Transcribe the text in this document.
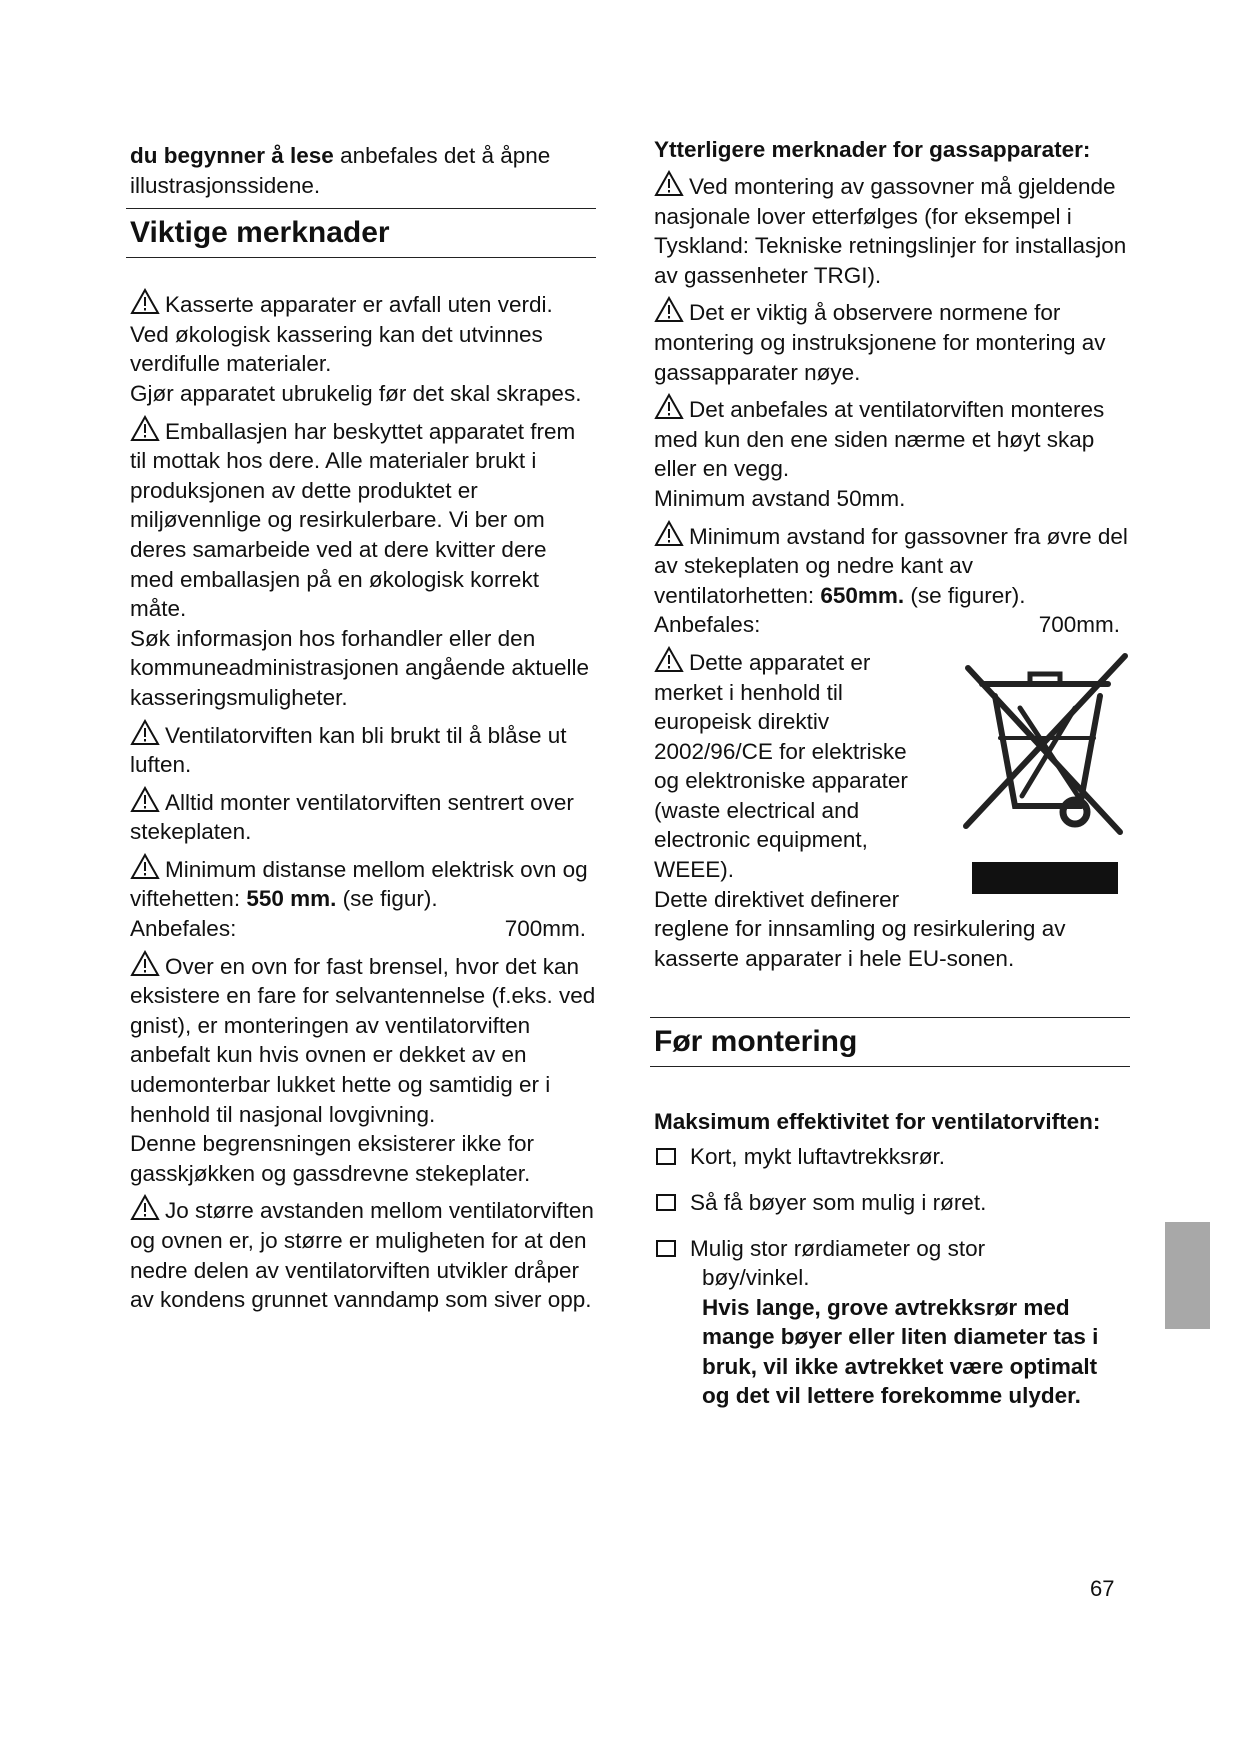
du begynner å lese anbefales det å åpne illustrasjonssidene.

Viktige merknader

Kasserte apparater er avfall uten verdi. Ved økologisk kassering kan det utvinnes verdifulle materialer.

Gjør apparatet ubrukelig før det skal skrapes.

Emballasjen har beskyttet apparatet frem til mottak hos dere. Alle materialer brukt i produksjonen av dette produktet er miljøvennlige og resirkulerbare. Vi ber om deres samarbeide ved at dere kvitter dere med emballasjen på en økologisk korrekt måte.

Søk informasjon hos forhandler eller den kommuneadministrasjonen angående aktuelle kasseringsmuligheter.

Ventilatorviften kan bli brukt til å blåse ut luften.

Alltid monter ventilatorviften sentrert over stekeplaten.

Minimum distanse mellom elektrisk ovn og viftehetten: 550 mm. (se figur).

Anbefales:	700mm.

Over en ovn for fast brensel, hvor det kan eksistere en fare for selvantennelse (f.eks. ved gnist), er monteringen av ventilatorviften anbefalt kun hvis ovnen er dekket av en udemonterbar lukket hette og samtidig er i henhold til nasjonal lovgivning.

Denne begrensningen eksisterer ikke for gasskjøkken og gassdrevne stekeplater.

Jo større avstanden mellom ventilatorviften og ovnen er, jo større er muligheten for at den nedre delen av ventilatorviften utvikler dråper av kondens grunnet vanndamp som siver opp.

Ytterligere merknader for gassapparater:

Ved montering av gassovner må gjeldende nasjonale lover etterfølges (for eksempel i Tyskland: Tekniske retningslinjer for installasjon av gassenheter TRGI).

Det er viktig å observere normene for montering og instruksjonene for montering av gassapparater nøye.

Det anbefales at ventilatorviften monteres med kun den ene siden nærme et høyt skap eller en vegg.

Minimum avstand 50mm.

Minimum avstand for gassovner fra øvre del av stekeplaten og nedre kant av ventilatorhetten: 650mm. (se figurer).

Anbefales:	700mm.

Dette apparatet er merket i henhold til europeisk direktiv 2002/96/CE for elektriske og elektroniske apparater (waste electrical and electronic equipment, WEEE).

Dette direktivet definerer

reglene for innsamling og resirkulering av kasserte apparater i hele EU-sonen.

Før montering

Maksimum effektivitet for ventilatorviften:

Kort, mykt luftavtrekksrør.
Så få bøyer som mulig i røret.
Mulig stor rørdiameter og stor

bøy/vinkel.

Hvis lange, grove avtrekksrør med mange bøyer eller liten diameter tas i bruk, vil ikke avtrekket være optimalt og det vil lettere forekomme ulyder.

67
